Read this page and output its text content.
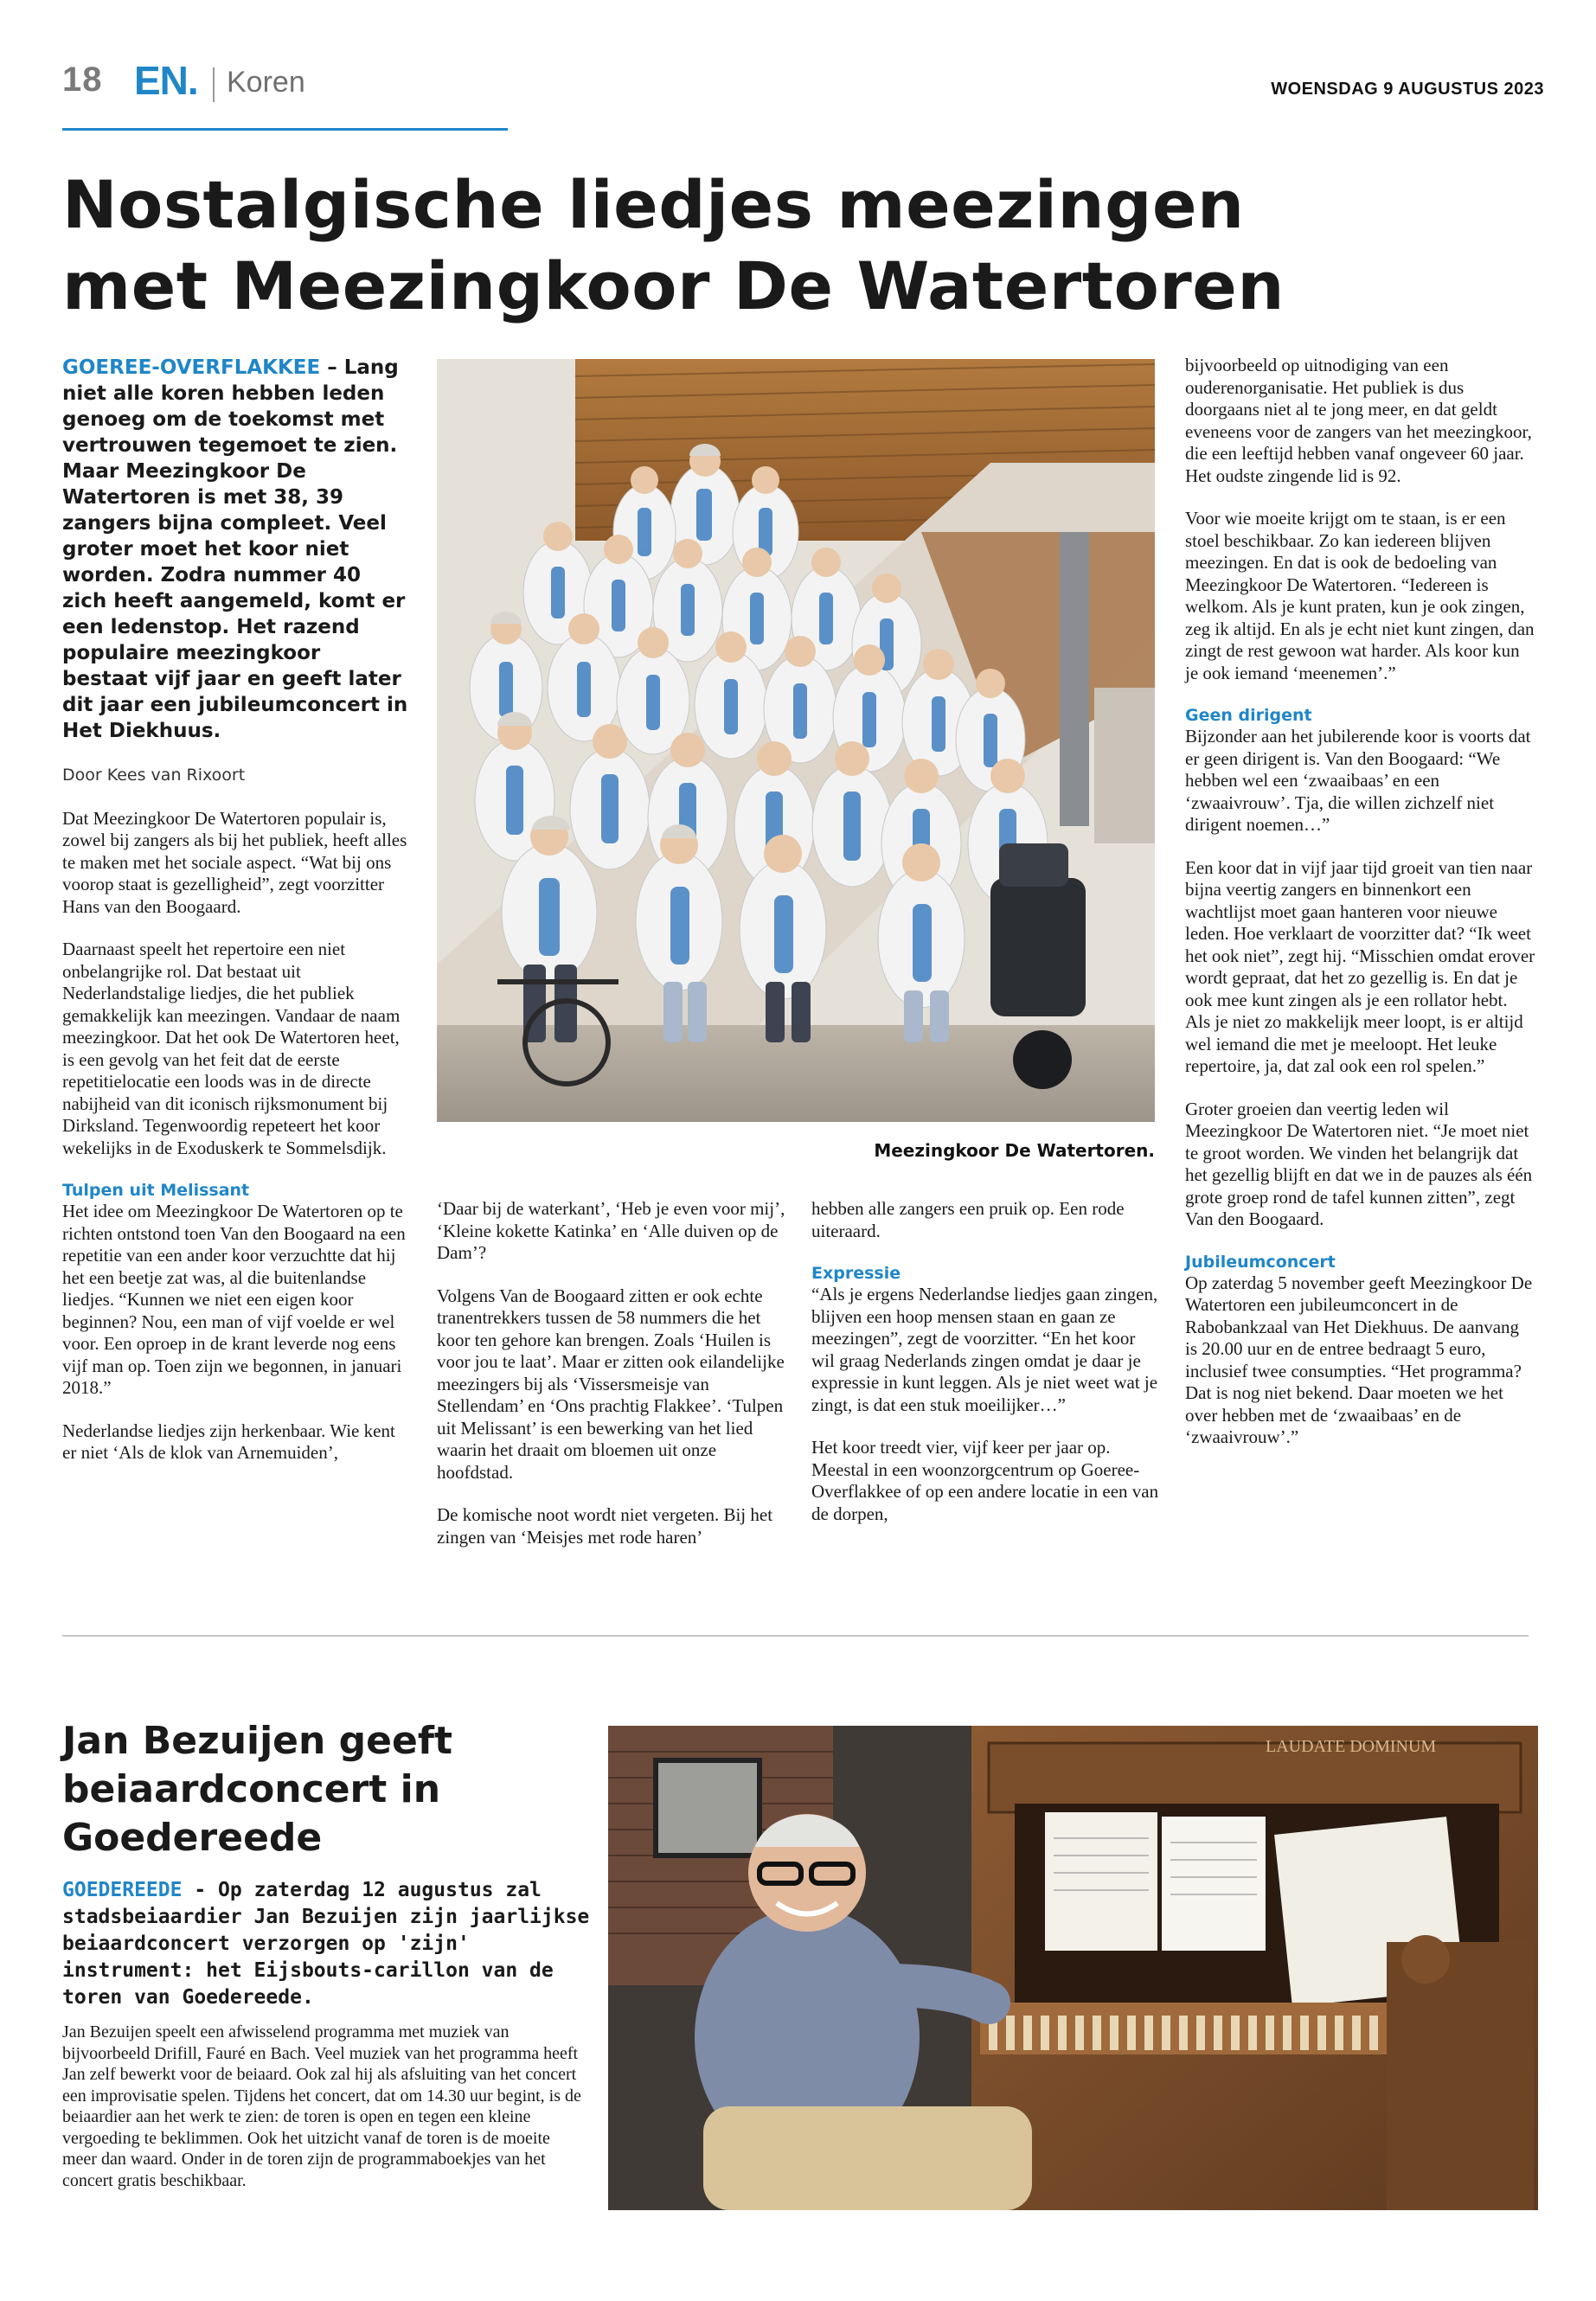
18 EN. Koren	WOENSDAG 9 AUGUSTUS 2023
Nostalgische liedjes meezingen met Meezingkoor De Watertoren

GOEREE-OVERFLAKKEE – Lang niet alle koren hebben leden genoeg om de toekomst met vertrouwen tegemoet te zien. Maar Meezingkoor De Watertoren is met 38, 39 zangers bijna compleet. Veel groter moet het koor niet worden. Zodra nummer 40 zich heeft aangemeld, komt er een ledenstop. Het razend populaire meezingkoor bestaat vijf jaar en geeft later dit jaar een jubileumconcert in Het Diekhuus.

Door Kees van Rixoort

Dat Meezingkoor De Watertoren populair is, zowel bij zangers als bij het publiek, heeft alles te maken met het sociale aspect. “Wat bij ons voorop staat is gezelligheid”, zegt voorzitter Hans van den Boogaard.

Daarnaast speelt het repertoire een niet onbelangrijke rol. Dat bestaat uit Nederlandstalige liedjes, die het publiek gemakkelijk kan meezingen. Vandaar de naam meezingkoor. Dat het ook De Watertoren heet, is een gevolg van het feit dat de eerste repetitielocatie een loods was in de directe nabijheid van dit iconisch rijksmonument bij Dirksland. Tegenwoordig repeteert het koor wekelijks in de Exoduskerk te Sommelsdijk.

Tulpen uit Melissant
Het idee om Meezingkoor De Watertoren op te richten ontstond toen Van den Boogaard na een repetitie van een ander koor verzuchtte dat hij het een beetje zat was, al die buitenlandse liedjes. “Kunnen we niet een eigen koor beginnen? Nou, een man of vijf voelde er wel voor. Een oproep in de krant leverde nog eens vijf man op. Toen zijn we begonnen, in januari 2018.”

Nederlandse liedjes zijn herkenbaar. Wie kent er niet ‘Als de klok van Arnemuiden’,

Meezingkoor De Watertoren.

‘Daar bij de waterkant’, ‘Heb je even voor mij’, ‘Kleine kokette Katinka’ en ‘Alle duiven op de Dam’?

Volgens Van de Boogaard zitten er ook echte tranentrekkers tussen de 58 nummers die het koor ten gehore kan brengen. Zoals ‘Huilen is voor jou te laat’. Maar er zitten ook eilandelijke meezingers bij als ‘Vissersmeisje van Stellendam’ en ‘Ons prachtig Flakkee’. ‘Tulpen uit Melissant’ is een bewerking van het lied waarin het draait om bloemen uit onze hoofdstad.

De komische noot wordt niet vergeten. Bij het zingen van ‘Meisjes met rode haren’

hebben alle zangers een pruik op. Een rode uiteraard.

Expressie
“Als je ergens Nederlandse liedjes gaan zingen, blijven een hoop mensen staan en gaan ze meezingen”, zegt de voorzitter. “En het koor wil graag Nederlands zingen omdat je daar je expressie in kunt leggen. Als je niet weet wat je zingt, is dat een stuk moeilijker…”

Het koor treedt vier, vijf keer per jaar op. Meestal in een woonzorgcentrum op Goeree-Overflakkee of op een andere locatie in een van de dorpen,

bijvoorbeeld op uitnodiging van een ouderenorganisatie. Het publiek is dus doorgaans niet al te jong meer, en dat geldt eveneens voor de zangers van het meezingkoor, die een leeftijd hebben vanaf ongeveer 60 jaar. Het oudste zingende lid is 92.

Voor wie moeite krijgt om te staan, is er een stoel beschikbaar. Zo kan iedereen blijven meezingen. En dat is ook de bedoeling van Meezingkoor De Watertoren. “Iedereen is welkom. Als je kunt praten, kun je ook zingen, zeg ik altijd. En als je echt niet kunt zingen, dan zingt de rest gewoon wat harder. Als koor kun je ook iemand ‘meenemen’.”

Geen dirigent
Bijzonder aan het jubilerende koor is voorts dat er geen dirigent is. Van den Boogaard: “We hebben wel een ‘zwaaibaas’ en een ‘zwaaivrouw’. Tja, die willen zichzelf niet dirigent noemen…”

Een koor dat in vijf jaar tijd groeit van tien naar bijna veertig zangers en binnenkort een wachtlijst moet gaan hanteren voor nieuwe leden. Hoe verklaart de voorzitter dat? “Ik weet het ook niet”, zegt hij. “Misschien omdat erover wordt gepraat, dat het zo gezellig is. En dat je ook mee kunt zingen als je een rollator hebt. Als je niet zo makkelijk meer loopt, is er altijd wel iemand die met je meeloopt. Het leuke repertoire, ja, dat zal ook een rol spelen.”

Groter groeien dan veertig leden wil Meezingkoor De Watertoren niet. “Je moet niet te groot worden. We vinden het belangrijk dat het gezellig blijft en dat we in de pauzes als één grote groep rond de tafel kunnen zitten”, zegt Van den Boogaard.

Jubileumconcert
Op zaterdag 5 november geeft Meezingkoor De Watertoren een jubileumconcert in de Rabobankzaal van Het Diekhuus. De aanvang is 20.00 uur en de entree bedraagt 5 euro, inclusief twee consumpties. “Het programma? Dat is nog niet bekend. Daar moeten we het over hebben met de ‘zwaaibaas’ en de ‘zwaaivrouw’.”

Jan Bezuijen geeft beiaardconcert in Goedereede
GOEDEREEDE - Op zaterdag 12 augustus zal stadsbeiaardier Jan Bezuijen zijn jaarlijkse beiaardconcert verzorgen op 'zijn' instrument: het Eijsbouts-carillon van de toren van Goedereede.
Jan Bezuijen speelt een afwisselend programma met muziek van bijvoorbeeld Drifill, Fauré en Bach. Veel muziek van het programma heeft Jan zelf bewerkt voor de beiaard. Ook zal hij als afsluiting van het concert een improvisatie spelen. Tijdens het concert, dat om 14.30 uur begint, is de beiaardier aan het werk te zien: de toren is open en tegen een kleine vergoeding te beklimmen. Ook het uitzicht vanaf de toren is de moeite meer dan waard. Onder in de toren zijn de programmaboekjes van het concert gratis beschikbaar.
LAUDATE DOMINUM
